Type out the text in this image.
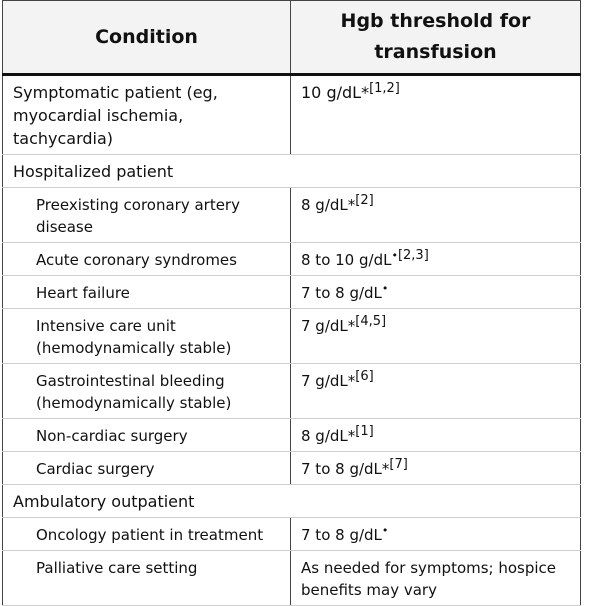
Condition	Hgb threshold for transfusion
Symptomatic patient (eg, myocardial ischemia, tachycardia)	10 g/dL*[1,2]
Hospitalized patient	
Preexisting coronary artery disease	8 g/dL*[2]
Acute coronary syndromes	8 to 10 $g/dL^{•[2,3]}$
Heart failure	7 to 8 g/dL•
Intensive care unit (hemodynamically stable)	7 g/dL*[4,5]
Gastrointestinal bleeding (hemodynamically stable)	7 g/dL*[6]
Non-cardiac surgery	8 g/dL*[1]
Cardiac surgery	7 to 8 g/dL*[7]
Ambulatory outpatient	
Oncology patient in treatment	7 to 8 g/dL•
Palliative care setting	As needed for symptoms; hospice benefits may vary
